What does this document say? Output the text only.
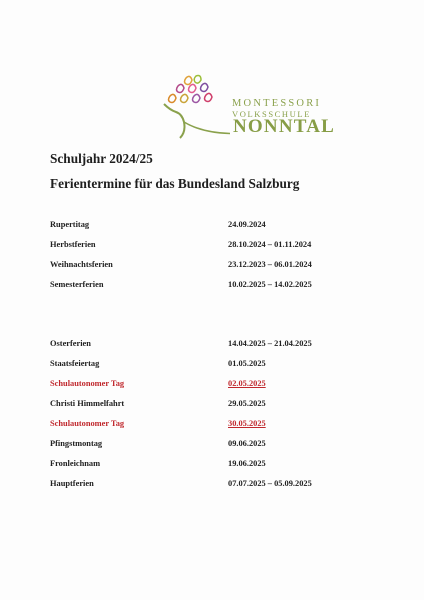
MONTESSORI
VOLKSSCHULE
NONNTAL
Schuljahr 2024/25
Ferientermine für das Bundesland Salzburg
Rupertitag	24.09.2024
Herbstferien	28.10.2024 – 01.11.2024
Weihnachtsferien	23.12.2023 – 06.01.2024
Semesterferien	10.02.2025 – 14.02.2025
Osterferien	14.04.2025 – 21.04.2025
Staatsfeiertag	01.05.2025
Schulautonomer Tag	02.05.2025
Christi Himmelfahrt	29.05.2025
Schulautonomer Tag	30.05.2025
Pfingstmontag	09.06.2025
Fronleichnam	19.06.2025
Hauptferien	07.07.2025 – 05.09.2025
